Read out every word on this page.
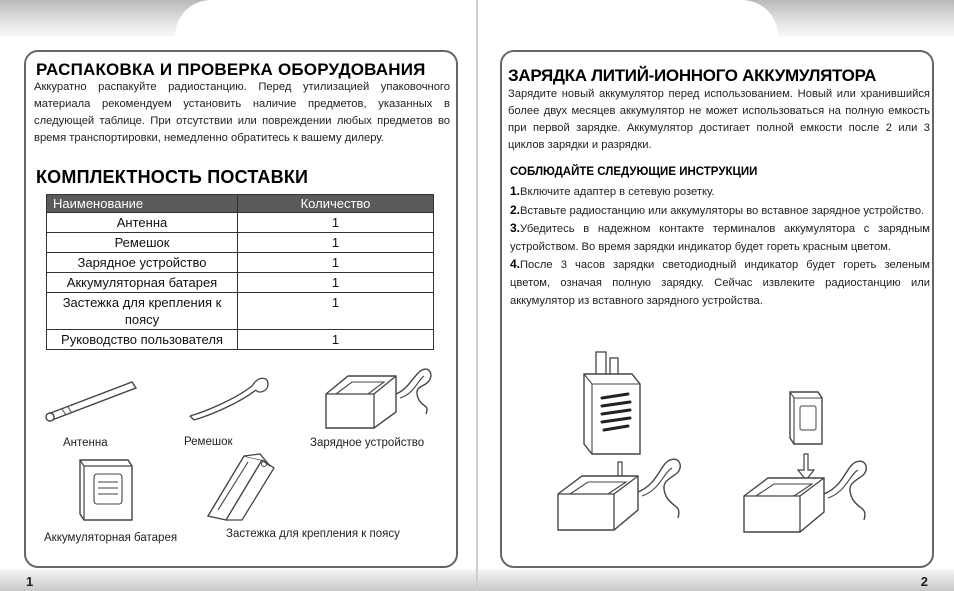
РАСПАКОВКА И ПРОВЕРКА ОБОРУДОВАНИЯ

Аккуратно распакуйте радиостанцию. Перед утилизацией упаковочного материала рекомендуем установить наличие предметов, указанных в следующей таблице. При отсутствии или повреждении любых предметов во время транспортировки, немедленно обратитесь к вашему дилеру.

КОМПЛЕКТНОСТЬ ПОСТАВКИ
Наименование	Количество
Антенна	1
Ремешок	1
Зарядное устройство	1
Аккумуляторная батарея	1
Застежка для крепления к поясу	1
Руководство пользователя	1
Антенна	Ремешок	Зарядное устройство
Аккумуляторная батарея	Застежка для крепления к поясу
1
ЗАРЯДКА ЛИТИЙ-ИОННОГО АККУМУЛЯТОРА

Зарядите новый аккумулятор перед использованием. Новый или хранившийся более двух месяцев аккумулятор не может использоваться на полную емкость при первой зарядке. Аккумулятор достигает полной емкости после 2 или 3 циклов зарядки и разрядки.

СОБЛЮДАЙТЕ СЛЕДУЮЩИЕ ИНСТРУКЦИИ
1.Включите адаптер в сетевую розетку.
2.Вставьте радиостанцию или аккумуляторы во вставное зарядное устройство.
3.Убедитесь в надежном контакте терминалов аккумулятора с зарядным устройством. Во время зарядки индикатор будет гореть красным цветом.
4.После 3 часов зарядки светодиодный индикатор будет гореть зеленым цветом, означая полную зарядку. Сейчас извлеките радиостанцию или аккумулятор из вставного зарядного устройства.
2
